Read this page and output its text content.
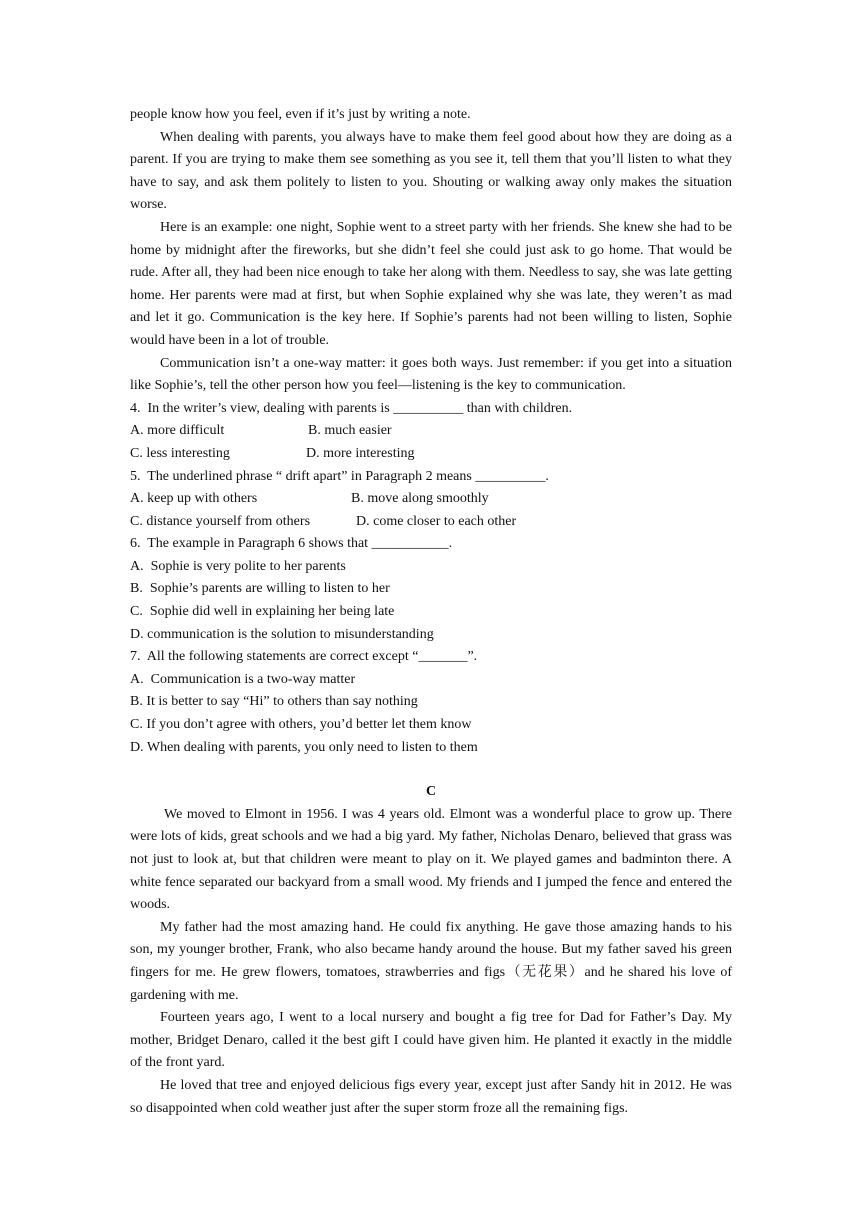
people know how you feel, even if it’s just by writing a note.

When dealing with parents, you always have to make them feel good about how they are doing as a parent. If you are trying to make them see something as you see it, tell them that you’ll listen to what they have to say, and ask them politely to listen to you. Shouting or walking away only makes the situation worse.

Here is an example: one night, Sophie went to a street party with her friends. She knew she had to be home by midnight after the fireworks, but she didn’t feel she could just ask to go home. That would be rude. After all, they had been nice enough to take her along with them. Needless to say, she was late getting home. Her parents were mad at first, but when Sophie explained why she was late, they weren’t as mad and let it go. Communication is the key here. If Sophie’s parents had not been willing to listen, Sophie would have been in a lot of trouble.

Communication isn’t a one-way matter: it goes both ways. Just remember: if you get into a situation like Sophie’s, tell the other person how you feel—listening is the key to communication.

4.  In the writer’s view, dealing with parents is __________ than with children.

A. more difficult	B. much easier
C. less interesting	D. more interesting

5.  The underlined phrase “ drift apart” in Paragraph 2 means __________.

A. keep up with others	B. move along smoothly
C. distance yourself from others	D. come closer to each other

6.  The example in Paragraph 6 shows that ___________.

A.  Sophie is very polite to her parents

B.  Sophie’s parents are willing to listen to her

C.  Sophie did well in explaining her being late

D. communication is the solution to misunderstanding

7.  All the following statements are correct except “_______”.

A.  Communication is a two-way matter

B. It is better to say “Hi” to others than say nothing

C. If you don’t agree with others, you’d better let them know

D. When dealing with parents, you only need to listen to them

C

We moved to Elmont in 1956. I was 4 years old. Elmont was a wonderful place to grow up. There were lots of kids, great schools and we had a big yard. My father, Nicholas Denaro, believed that grass was not just to look at, but that children were meant to play on it. We played games and badminton there. A white fence separated our backyard from a small wood. My friends and I jumped the fence and entered the woods.

My father had the most amazing hand. He could fix anything. He gave those amazing hands to his son, my younger brother, Frank, who also became handy around the house. But my father saved his green fingers for me. He grew flowers, tomatoes, strawberries and figs（无花果）and he shared his love of gardening with me.

Fourteen years ago, I went to a local nursery and bought a fig tree for Dad for Father’s Day. My mother, Bridget Denaro, called it the best gift I could have given him. He planted it exactly in the middle of the front yard.

He loved that tree and enjoyed delicious figs every year, except just after Sandy hit in 2012. He was so disappointed when cold weather just after the super storm froze all the remaining figs.
